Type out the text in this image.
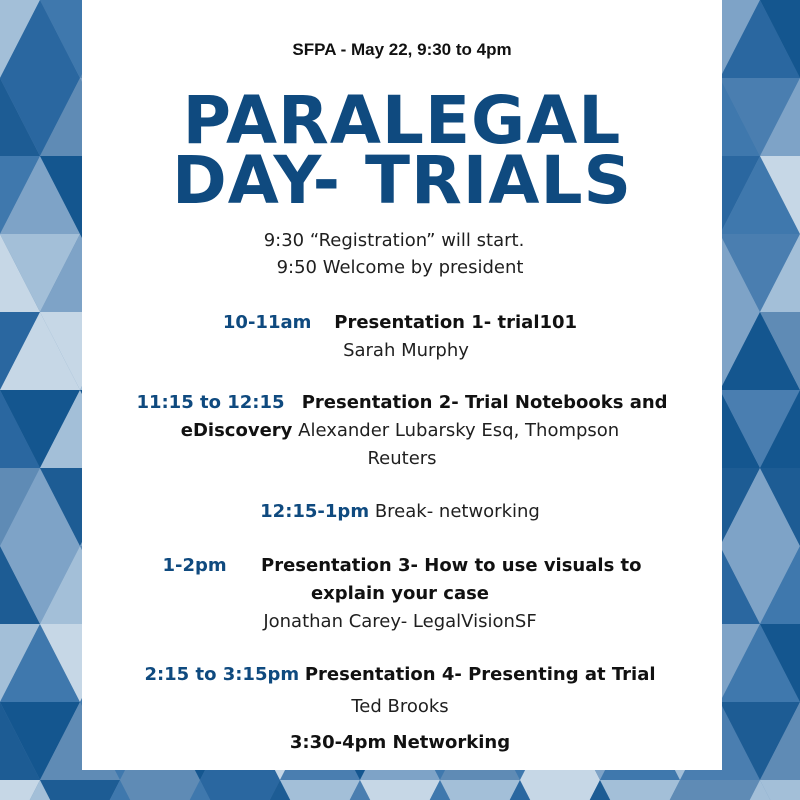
SFPA - May 22, 9:30 to 4pm
PARALEGAL
DAY- TRIALS
9:30 “Registration” will start.
9:50 Welcome by president
10-11am Presentation 1- trial101
Sarah Murphy
11:15 to 12:15 Presentation 2- Trial Notebooks and
eDiscovery Alexander Lubarsky Esq, Thompson
Reuters
12:15-1pm Break- networking
1-2pm Presentation 3- How to use visuals to
explain your case
Jonathan Carey- LegalVisionSF
2:15 to 3:15pm Presentation 4- Presenting at Trial
Ted Brooks
3:30-4pm Networking
